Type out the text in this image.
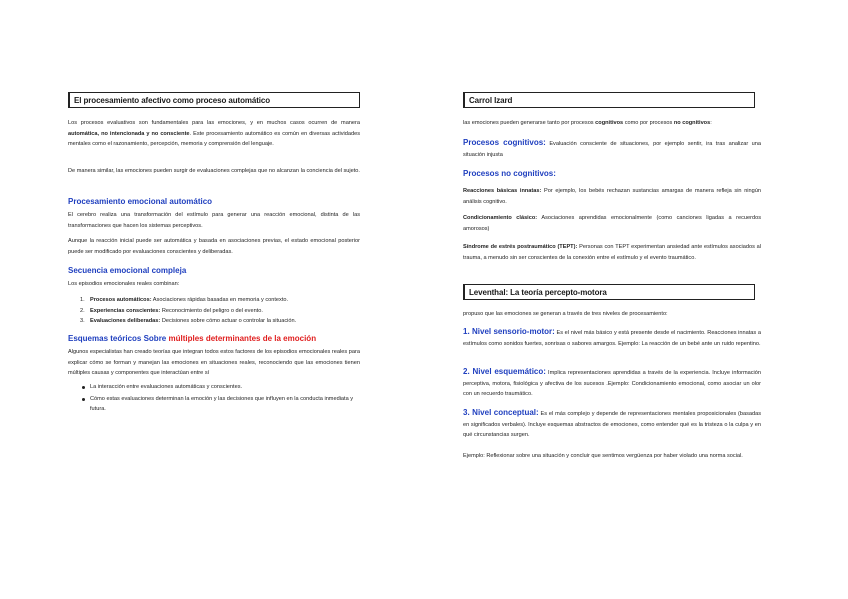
El procesamiento afectivo como proceso automático
Los procesos evaluativos son fundamentales para las emociones, y en muchos casos ocurren de manera automática, no intencionada y no consciente. Este procesamiento automático es común en diversas actividades mentales como el razonamiento, percepción, memoria y comprensión del lenguaje.
De manera similar, las emociones pueden surgir de evaluaciones complejas que no alcanzan la conciencia del sujeto.
Procesamiento emocional automático
El cerebro realiza una transformación del estímulo para generar una reacción emocional, distinta de las transformaciones que hacen los sistemas perceptivos.
Aunque la reacción inicial puede ser automática y basada en asociaciones previas, el estado emocional posterior puede ser modificado por evaluaciones conscientes y deliberadas.
Secuencia emocional compleja
Los episodios emocionales reales combinan:
1. Procesos automáticos: Asociaciones rápidas basadas en memoria y contexto.
2. Experiencias conscientes: Reconocimiento del peligro o del evento.
3. Evaluaciones deliberadas: Decisiones sobre cómo actuar o controlar la situación.
Esquemas teóricos Sobre múltiples determinantes de la emoción
Algunos especialistas han creado teorías que integran todos estos factores de los episodios emocionales reales para explicar cómo se forman y manejan las emociones en situaciones reales, reconociendo que las emociones tienen múltiples causas y componentes que interactúan entre sí
La interacción entre evaluaciones automáticas y conscientes.
Cómo estas evaluaciones determinan la emoción y las decisiones que influyen en la conducta inmediata y futura.
Carrol Izard
las emociones pueden generarse tanto por procesos cognitivos como por procesos no cognitivos:
Procesos cognitivos: Evaluación consciente de situaciones, por ejemplo sentir, ira tras analizar una situación injusta
Procesos no cognitivos:
Reacciones básicas innatas: Por ejemplo, los bebés rechazan sustancias amargas de manera refleja sin ningún análisis cognitivo.
Condicionamiento clásico: Asociaciones aprendidas emocionalmente (como canciones ligadas a recuerdos amorosos)
Síndrome de estrés postraumático (TEPT): Personas con TEPT experimentan ansiedad ante estímulos asociados al trauma, a menudo sin ser conscientes de la conexión entre el estímulo y el evento traumático.
Leventhal: La teoría percepto-motora
propuso que las emociones se generan a través de tres niveles de procesamiento:
1. Nivel sensorio-motor: Es el nivel más básico y está presente desde el nacimiento. Reacciones innatas a estímulos como sonidos fuertes, sonrisas o sabores amargos. Ejemplo: La reacción de un bebé ante un ruido repentino.
2. Nivel esquemático: Implica representaciones aprendidas a través de la experiencia. Incluye información perceptiva, motora, fisiológica y afectiva de los sucesos .Ejemplo: Condicionamiento emocional, como asociar un olor con un recuerdo traumático.
3. Nivel conceptual: Es el más complejo y depende de representaciones mentales proposicionales (basadas en significados verbales). Incluye esquemas abstractos de emociones, como entender qué es la tristeza o la culpa y en qué circunstancias surgen.
Ejemplo: Reflexionar sobre una situación y concluir que sentimos vergüenza por haber violado una norma social.
